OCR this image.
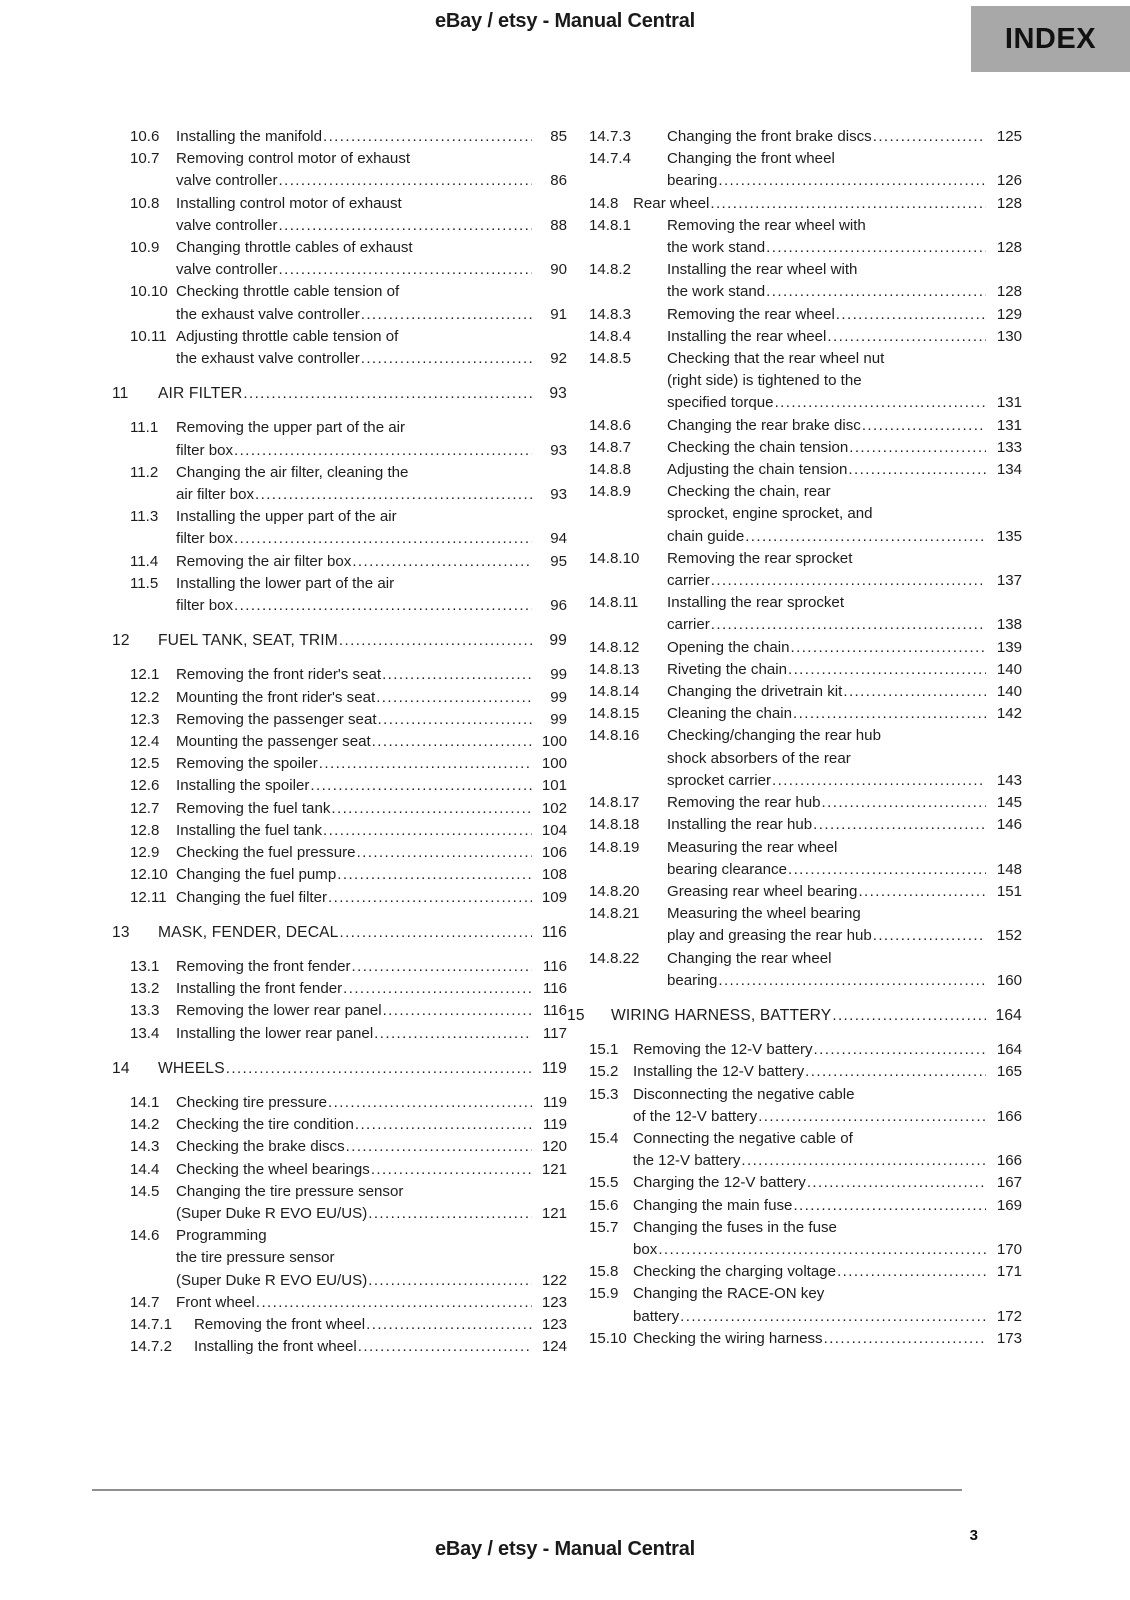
eBay / etsy - Manual Central
INDEX
10.6	Installing the manifold .....	85
10.7	Removing control motor of exhaust
valve controller .....	86
10.8	Installing control motor of exhaust
valve controller .....	88
10.9	Changing throttle cables of exhaust
valve controller .....	90
10.10 Checking throttle cable tension of
the exhaust valve controller .....	91
10.11 Adjusting throttle cable tension of
the exhaust valve controller .....	92
11	AIR FILTER .....	93
11.1	Removing the upper part of the air
filter box .....	93
11.2	Changing the air filter, cleaning the
air filter box .....	93
11.3	Installing the upper part of the air
filter box .....	94
11.4	Removing the air filter box .....	95
11.5	Installing the lower part of the air
filter box .....	96
12	FUEL TANK, SEAT, TRIM .....	99
12.1	Removing the front rider's seat .....	99
12.2	Mounting the front rider's seat .....	99
12.3	Removing the passenger seat .....	99
12.4	Mounting the passenger seat .....	100
12.5	Removing the spoiler .....	100
12.6	Installing the spoiler .....	101
12.7	Removing the fuel tank .....	102
12.8	Installing the fuel tank .....	104
12.9	Checking the fuel pressure .....	106
12.10 Changing the fuel pump .....	108
12.11 Changing the fuel filter .....	109
13	MASK, FENDER, DECAL .....	116
13.1	Removing the front fender .....	116
13.2	Installing the front fender .....	116
13.3	Removing the lower rear panel .....	116
13.4	Installing the lower rear panel .....	117
14	WHEELS .....	119
14.1	Checking tire pressure .....	119
14.2	Checking the tire condition .....	119
14.3	Checking the brake discs .....	120
14.4	Checking the wheel bearings .....	121
14.5	Changing the tire pressure sensor
(Super Duke R EVO EU/US) .....	121
14.6	Programming
the tire pressure sensor
(Super Duke R EVO EU/US) .....	122
14.7	Front wheel .....	123
14.7.1	Removing the front wheel .....	123
14.7.2	Installing the front wheel .....	124
14.7.3	Changing the front brake discs .....	125
14.7.4	Changing the front wheel
bearing .....	126
14.8 Rear wheel .....	128
14.8.1	Removing the rear wheel with
the work stand .....	128
14.8.2	Installing the rear wheel with
the work stand .....	128
14.8.3	Removing the rear wheel .....	129
14.8.4	Installing the rear wheel .....	130
14.8.5	Checking that the rear wheel nut
(right side) is tightened to the
specified torque .....	131
14.8.6	Changing the rear brake disc .....	131
14.8.7	Checking the chain tension .....	133
14.8.8	Adjusting the chain tension .....	134
14.8.9	Checking the chain, rear
sprocket, engine sprocket, and
chain guide .....	135
14.8.10	Removing the rear sprocket
carrier .....	137
14.8.11	Installing the rear sprocket
carrier .....	138
14.8.12	Opening the chain .....	139
14.8.13	Riveting the chain .....	140
14.8.14	Changing the drivetrain kit .....	140
14.8.15	Cleaning the chain .....	142
14.8.16	Checking/changing the rear hub
shock absorbers of the rear
sprocket carrier .....	143
14.8.17	Removing the rear hub .....	145
14.8.18	Installing the rear hub .....	146
14.8.19	Measuring the rear wheel
bearing clearance .....	148
14.8.20	Greasing rear wheel bearing .....	151
14.8.21	Measuring the wheel bearing
play and greasing the rear hub .....	152
14.8.22	Changing the rear wheel
bearing .....	160
15	WIRING HARNESS, BATTERY .....	164
15.1 Removing the 12-V battery .....	164
15.2 Installing the 12-V battery .....	165
15.3 Disconnecting the negative cable
of the 12-V battery .....	166
15.4 Connecting the negative cable of
the 12-V battery .....	166
15.5 Charging the 12-V battery .....	167
15.6 Changing the main fuse .....	169
15.7 Changing the fuses in the fuse
box .....	170
15.8 Checking the charging voltage .....	171
15.9 Changing the RACE-ON key
battery .....	172
15.10 Checking the wiring harness .....	173
3
eBay / etsy - Manual Central
